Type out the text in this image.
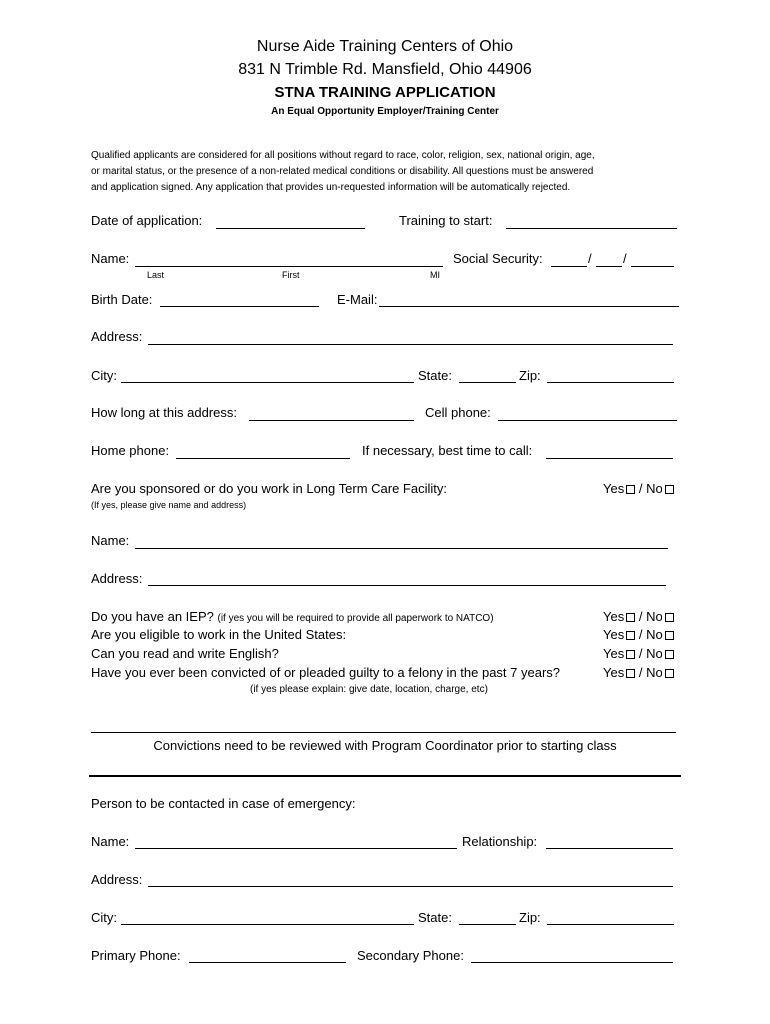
Nurse Aide Training Centers of Ohio
831 N Trimble Rd. Mansfield, Ohio 44906
STNA TRAINING APPLICATION
An Equal Opportunity Employer/Training Center
Qualified applicants are considered for all positions without regard to race, color, religion, sex, national origin, age,
or marital status, or the presence of a non-related medical conditions or disability. All questions must be answered
and application signed. Any application that provides un-requested information will be automatically rejected.
Date of application:	Training to start:
Name:
Last	First	MI
Social Security:	/ /
Birth Date:	E-Mail:
Address:
City:	State:	Zip:
How long at this address:	Cell phone:
Home phone:	If necessary, best time to call:
Are you sponsored or do you work in Long Term Care Facility:	Yes / No
(If yes, please give name and address)
Name:
Address:
Do you have an IEP? (if yes you will be required to provide all paperwork to NATCO)	Yes / No
Are you eligible to work in the United States:	Yes / No
Can you read and write English?	Yes / No
Have you ever been convicted of or pleaded guilty to a felony in the past 7 years?	Yes / No
(if yes please explain: give date, location, charge, etc)
Convictions need to be reviewed with Program Coordinator prior to starting class
Person to be contacted in case of emergency:
Name:	Relationship:
Address:
City:	State:	Zip:
Primary Phone:	Secondary Phone:
